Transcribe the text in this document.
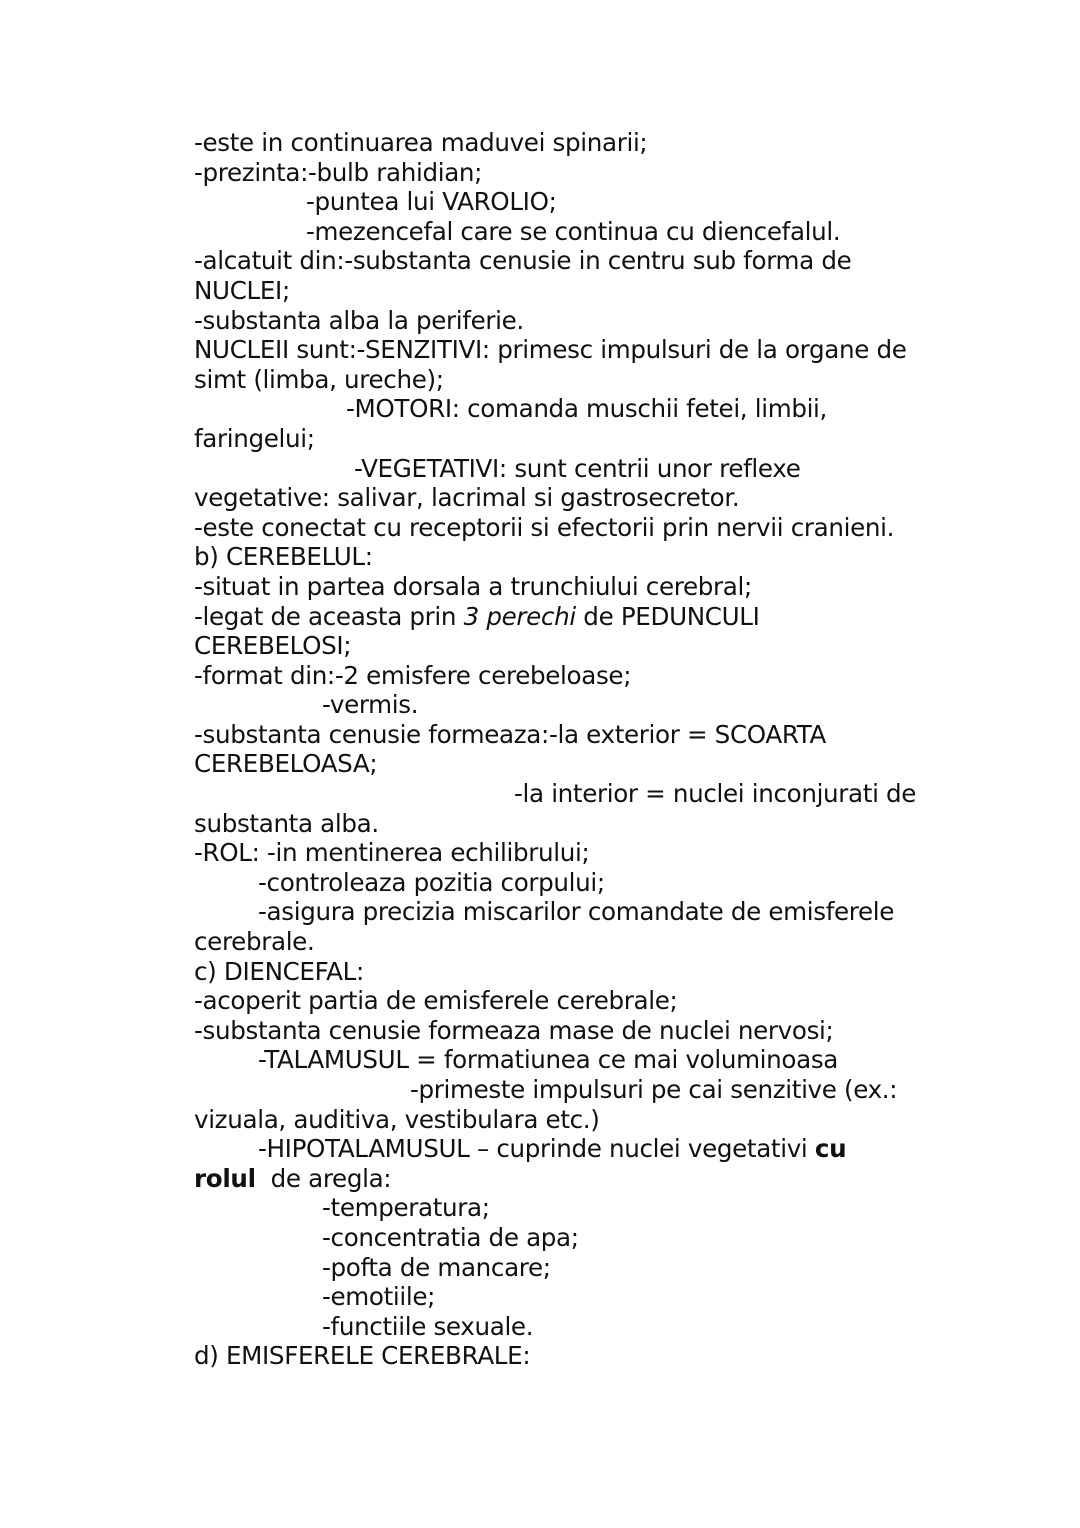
-este in continuarea maduvei spinarii;
-prezinta:-bulb rahidian;
-puntea lui VAROLIO;
-mezencefal care se continua cu diencefalul.
-alcatuit din:-substanta cenusie in centru sub forma de
NUCLEI;
-substanta alba la periferie.
NUCLEII sunt:-SENZITIVI: primesc impulsuri de la organe de
simt (limba, ureche);
-MOTORI: comanda muschii fetei, limbii,
faringelui;
-VEGETATIVI: sunt centrii unor reflexe
vegetative: salivar, lacrimal si gastrosecretor.
-este conectat cu receptorii si efectorii prin nervii cranieni.
b) CEREBELUL:
-situat in partea dorsala a trunchiului cerebral;
-legat de aceasta prin 3 perechi de PEDUNCULI
CEREBELOSI;
-format din:-2 emisfere cerebeloase;
-vermis.
-substanta cenusie formeaza:-la exterior = SCOARTA
CEREBELOASA;
-la interior = nuclei inconjurati de
substanta alba.
-ROL: -in mentinerea echilibrului;
-controleaza pozitia corpului;
-asigura precizia miscarilor comandate de emisferele
cerebrale.
c) DIENCEFAL:
-acoperit partia de emisferele cerebrale;
-substanta cenusie formeaza mase de nuclei nervosi;
-TALAMUSUL = formatiunea ce mai voluminoasa
-primeste impulsuri pe cai senzitive (ex.:
vizuala, auditiva, vestibulara etc.)
-HIPOTALAMUSUL – cuprinde nuclei vegetativi cu
rolul  de aregla:
-temperatura;
-concentratia de apa;
-pofta de mancare;
-emotiile;
-functiile sexuale.
d) EMISFERELE CEREBRALE:
